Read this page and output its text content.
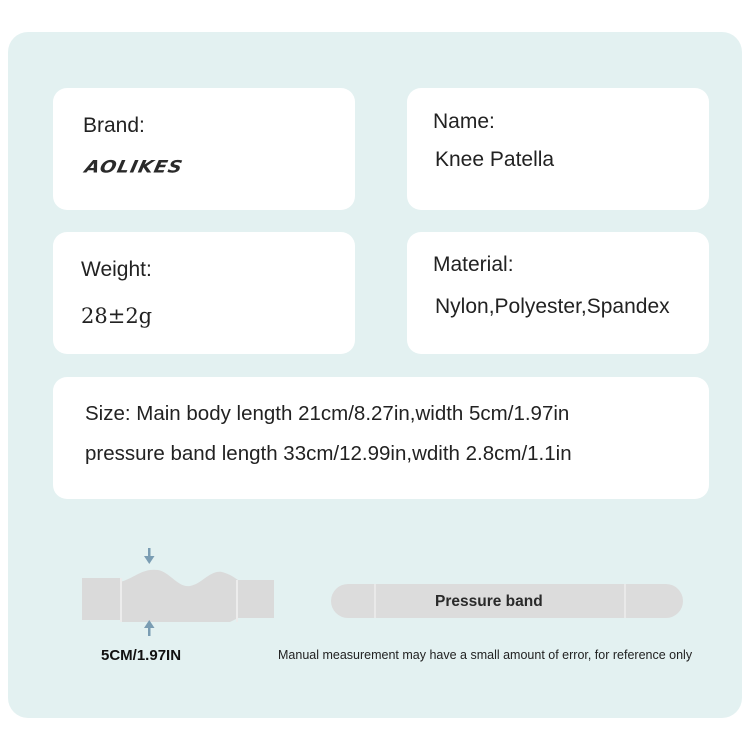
Brand:
AOLIKES
Name:
Knee Patella
Weight:
28±2g
Material:
Nylon,Polyester,Spandex
Size: Main body length 21cm/8.27in,width 5cm/1.97in
pressure band length 33cm/12.99in,wdith 2.8cm/1.1in
5CM/1.97IN
Pressure band
Manual measurement may have a small amount of error, for reference only
